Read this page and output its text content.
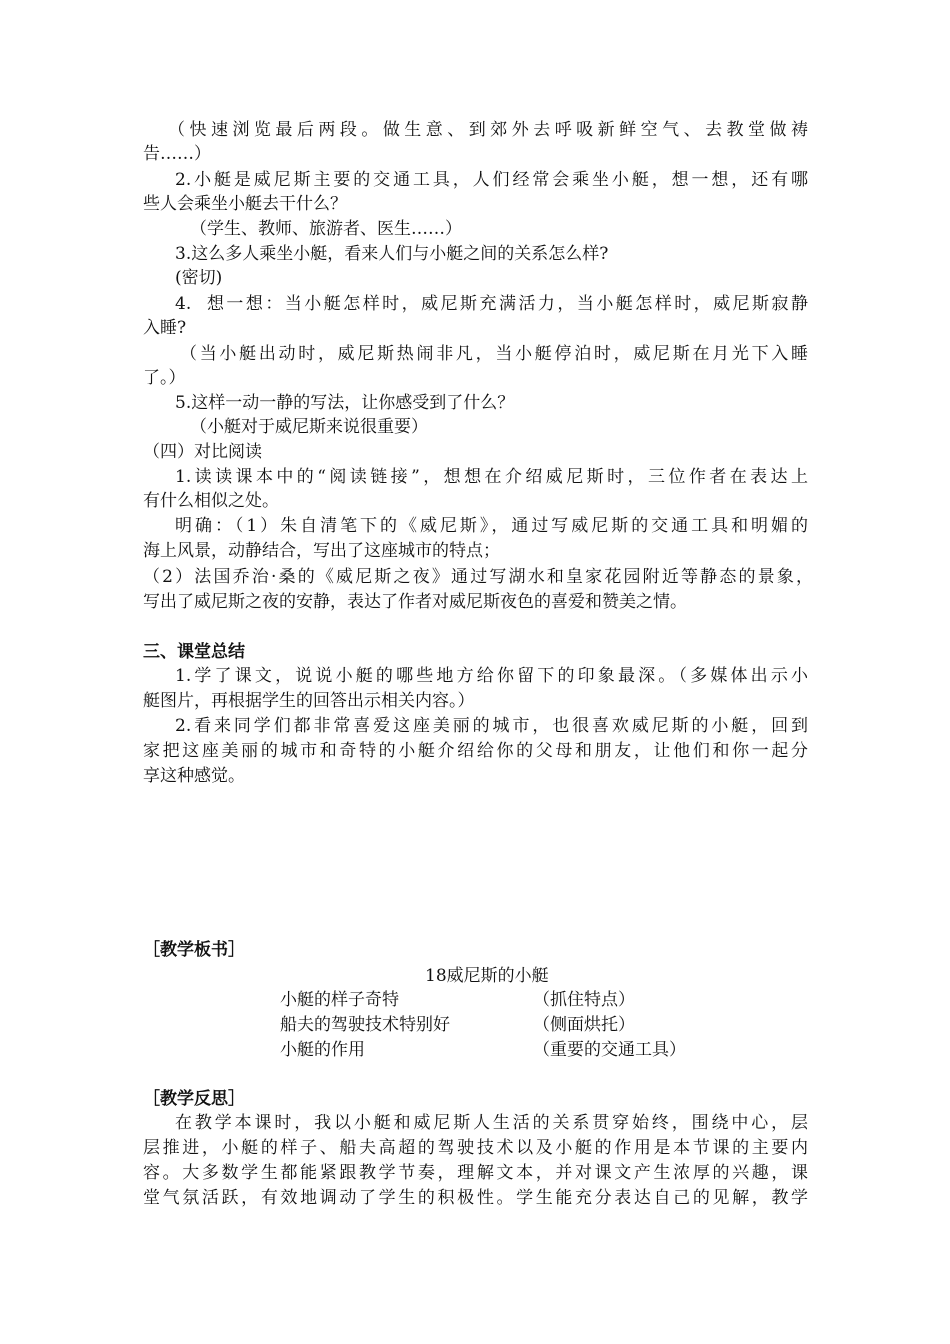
（快速浏览最后两段。做生意、到郊外去呼吸新鲜空气、去教堂做祷
告……）
2.小艇是威尼斯主要的交通工具，人们经常会乘坐小艇，想一想，还有哪
些人会乘坐小艇去干什么？
（学生、教师、旅游者、医生……）
3.这么多人乘坐小艇，看来人们与小艇之间的关系怎么样?
(密切)
4.  想一想：当小艇怎样时，威尼斯充满活力，当小艇怎样时，威尼斯寂静
入睡?
（当小艇出动时，威尼斯热闹非凡，当小艇停泊时，威尼斯在月光下入睡
了。）
5.这样一动一静的写法，让你感受到了什么？
（小艇对于威尼斯来说很重要）
（四）对比阅读
1.读读课本中的“阅读链接”，想想在介绍威尼斯时，三位作者在表达上
有什么相似之处。
明确：（1）朱自清笔下的《威尼斯》，通过写威尼斯的交通工具和明媚的
海上风景，动静结合，写出了这座城市的特点；
（2）法国乔治·桑的《威尼斯之夜》通过写湖水和皇家花园附近等静态的景象，
写出了威尼斯之夜的安静，表达了作者对威尼斯夜色的喜爱和赞美之情。
三、课堂总结
1.学了课文，说说小艇的哪些地方给你留下的印象最深。（多媒体出示小
艇图片，再根据学生的回答出示相关内容。）
2.看来同学们都非常喜爱这座美丽的城市，也很喜欢威尼斯的小艇，回到
家把这座美丽的城市和奇特的小艇介绍给你的父母和朋友，让他们和你一起分
享这种感觉。
［教学板书］
18威尼斯的小艇
小艇的样子奇特	（抓住特点）
船夫的驾驶技术特别好	（侧面烘托）
小艇的作用	（重要的交通工具）
［教学反思］
在教学本课时，我以小艇和威尼斯人生活的关系贯穿始终，围绕中心，层
层推进，小艇的样子、船夫高超的驾驶技术以及小艇的作用是本节课的主要内
容。大多数学生都能紧跟教学节奏，理解文本，并对课文产生浓厚的兴趣，课
堂气氛活跃，有效地调动了学生的积极性。学生能充分表达自己的见解，教学
